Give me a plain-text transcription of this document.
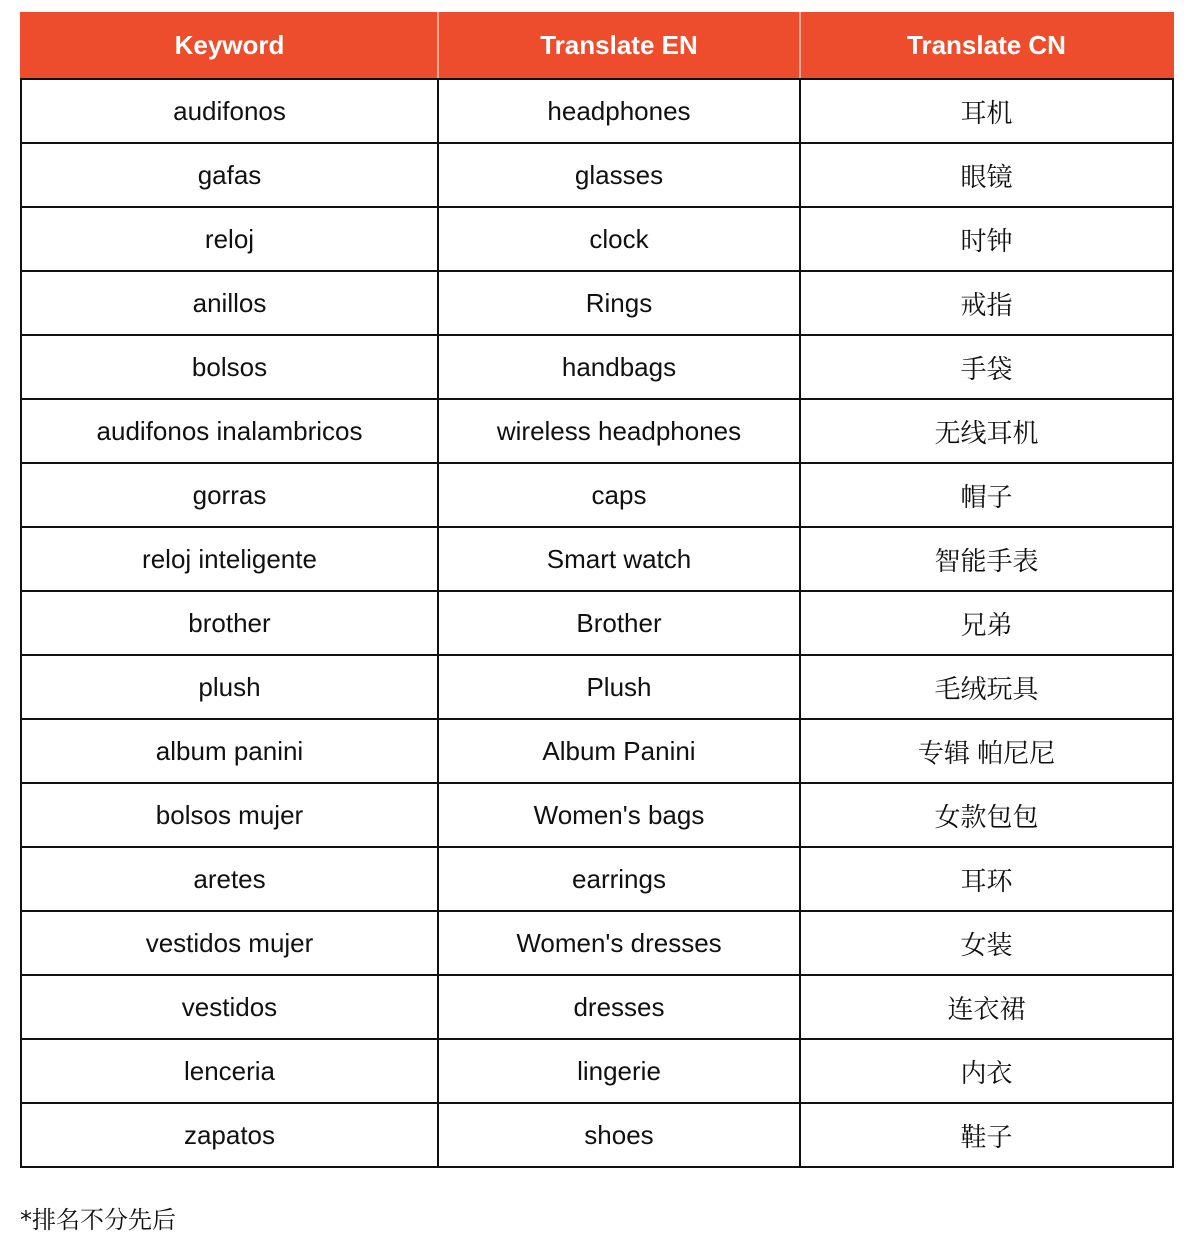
Keyword	Translate EN	Translate CN
audifonos	headphones	耳机
gafas	glasses	眼镜
reloj	clock	时钟
anillos	Rings	戒指
bolsos	handbags	手袋
audifonos inalambricos	wireless headphones	无线耳机
gorras	caps	帽子
reloj inteligente	Smart watch	智能手表
brother	Brother	兄弟
plush	Plush	毛绒玩具
album panini	Album Panini	专辑 帕尼尼
bolsos mujer	Women's bags	女款包包
aretes	earrings	耳环
vestidos mujer	Women's dresses	女装
vestidos	dresses	连衣裙
lenceria	lingerie	内衣
zapatos	shoes	鞋子
*排名不分先后
